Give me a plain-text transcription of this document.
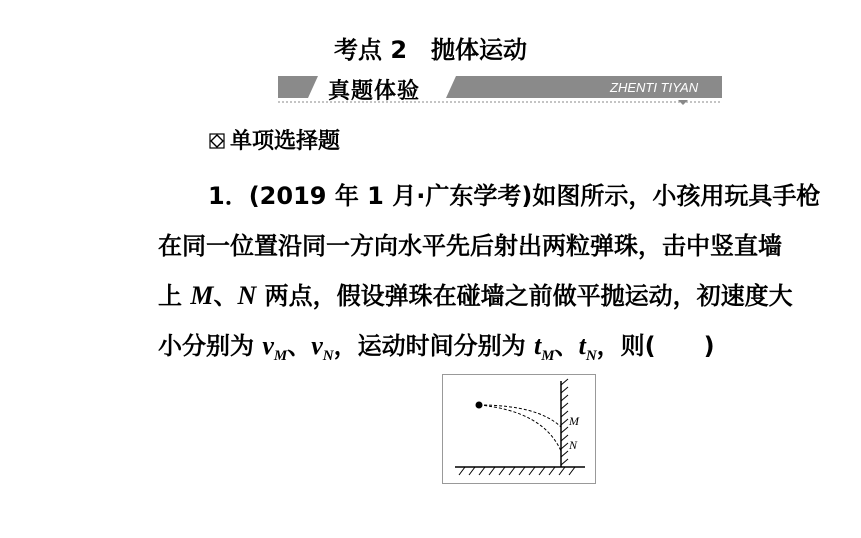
考点 2　抛体运动
真题体验	ZHENTI TIYAN
单项选择题
1．(2019 年 1 月·广东学考)如图所示，小孩用玩具手枪
在同一位置沿同一方向水平先后射出两粒弹珠，击中竖直墙
上 M、N 两点，假设弹珠在碰墙之前做平抛运动，初速度大
小分别为 $v_M$、$v_N$，运动时间分别为 $t_M$、$t_N$，则(　　)
M
N
